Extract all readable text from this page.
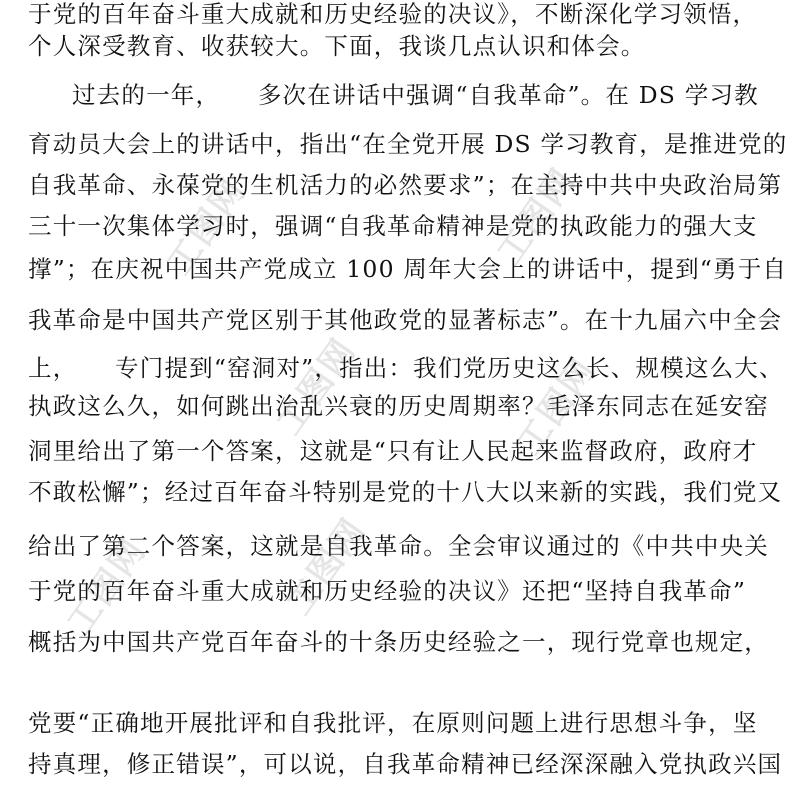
工图网	工图网
工图网	工图网
工图网	工图网
于党的百年奋斗重大成就和历史经验的决议》，不断深化学习领悟，
个人深受教育、收获较大。下面，我谈几点认识和体会。
过去的一年，　　多次在讲话中强调“自我革命”。在 DS 学习教
育动员大会上的讲话中，指出“在全党开展 DS 学习教育，是推进党的
自我革命、永葆党的生机活力的必然要求”；在主持中共中央政治局第
三十一次集体学习时，强调“自我革命精神是党的执政能力的强大支
撑”；在庆祝中国共产党成立 100 周年大会上的讲话中，提到“勇于自
我革命是中国共产党区别于其他政党的显著标志”。在十九届六中全会
上，　　专门提到“窑洞对”，指出：我们党历史这么长、规模这么大、
执政这么久，如何跳出治乱兴衰的历史周期率？毛泽东同志在延安窑
洞里给出了第一个答案，这就是“只有让人民起来监督政府，政府才
不敢松懈”；经过百年奋斗特别是党的十八大以来新的实践，我们党又
给出了第二个答案，这就是自我革命。全会审议通过的《中共中央关
于党的百年奋斗重大成就和历史经验的决议》还把“坚持自我革命”
概括为中国共产党百年奋斗的十条历史经验之一，现行党章也规定，
党要“正确地开展批评和自我批评，在原则问题上进行思想斗争，坚
持真理，修正错误”，可以说，自我革命精神已经深深融入党执政兴国
